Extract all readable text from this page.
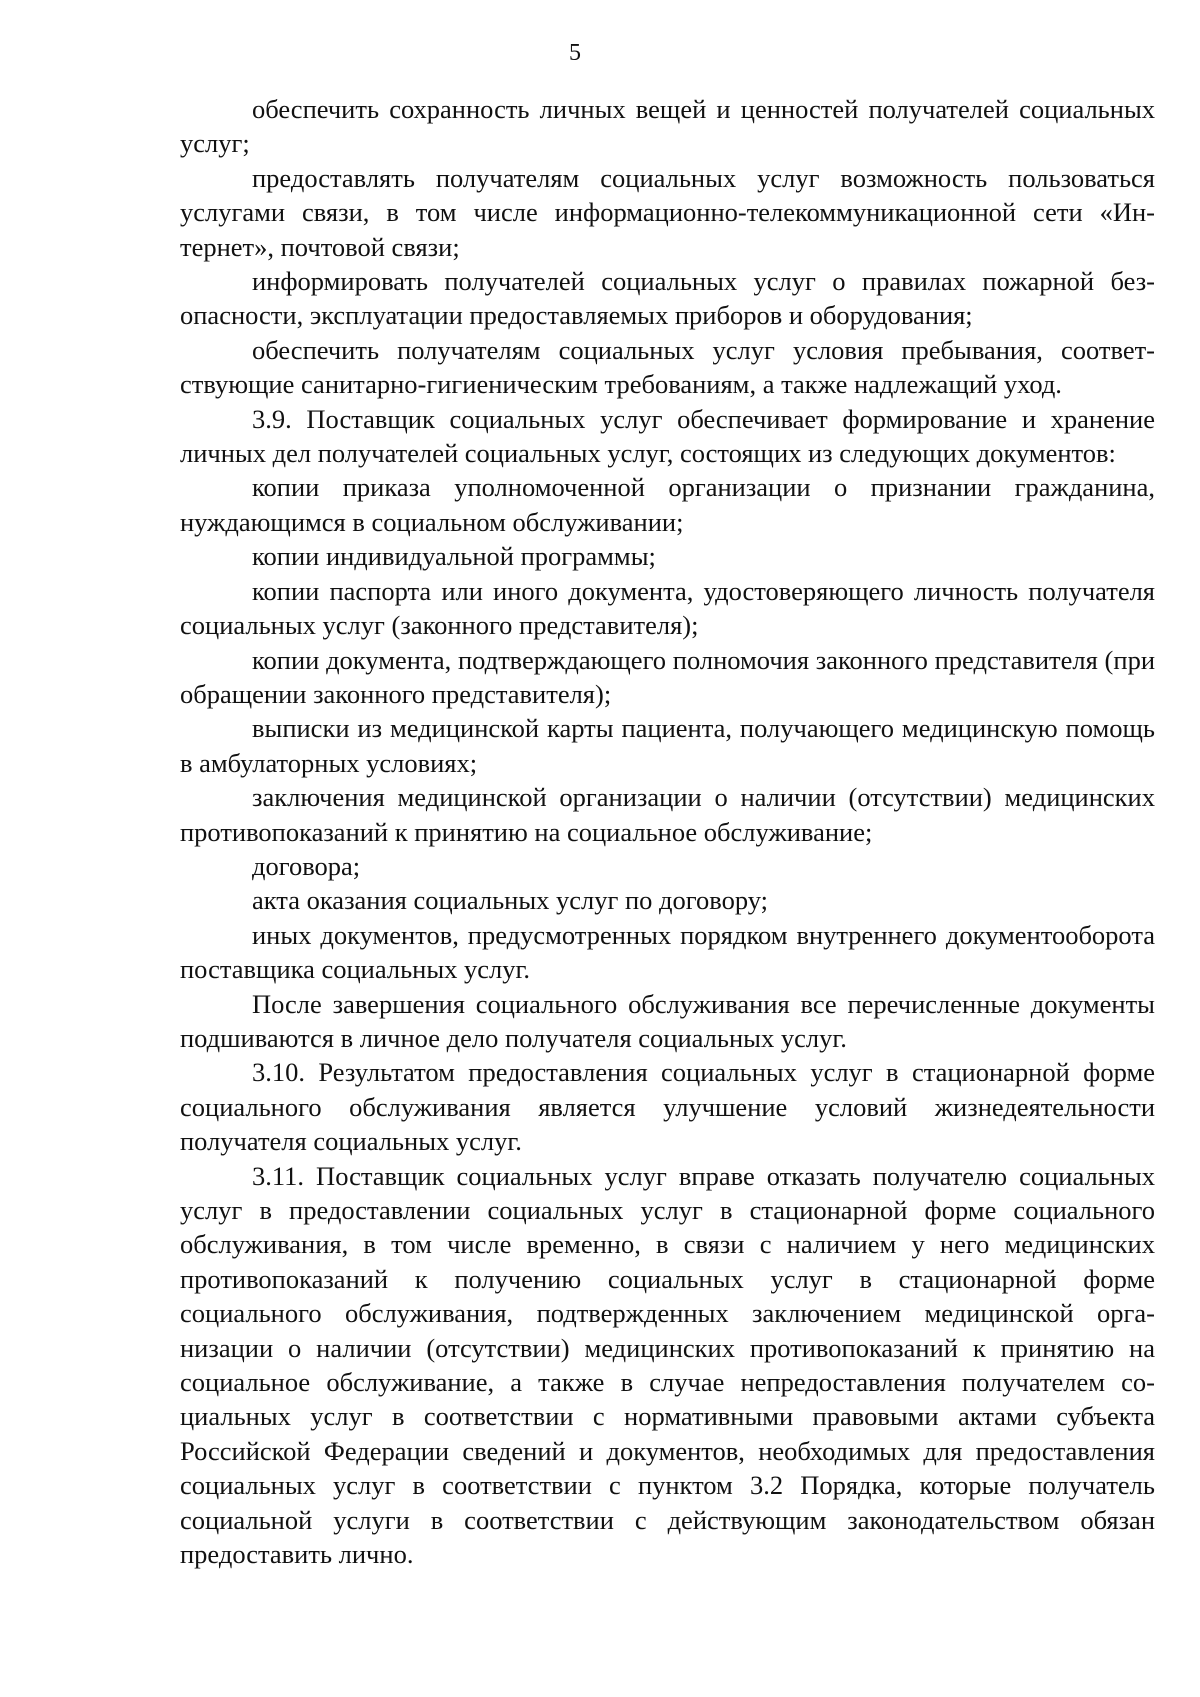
5

обеспечить сохранность личных вещей и ценностей получателей социальных услуг;

предоставлять получателям социальных услуг возможность пользоваться услугами связи, в том числе информационно-телекоммуникационной сети «Интернет», почтовой связи;

информировать получателей социальных услуг о правилах пожарной безопасности, эксплуатации предоставляемых приборов и оборудования;

обеспечить получателям социальных услуг условия пребывания, соответствующие санитарно-гигиеническим требованиям, а также надлежащий уход.

3.9. Поставщик социальных услуг обеспечивает формирование и хранение личных дел получателей социальных услуг, состоящих из следующих документов:

копии приказа уполномоченной организации о признании гражданина, нуждающимся в социальном обслуживании;

копии индивидуальной программы;

копии паспорта или иного документа, удостоверяющего личность получателя социальных услуг (законного представителя);

копии документа, подтверждающего полномочия законного представителя (при обращении законного представителя);

выписки из медицинской карты пациента, получающего медицинскую помощь в амбулаторных условиях;

заключения медицинской организации о наличии (отсутствии) медицинских противопоказаний к принятию на социальное обслуживание;

договора;

акта оказания социальных услуг по договору;

иных документов, предусмотренных порядком внутреннего документооборота поставщика социальных услуг.

После завершения социального обслуживания все перечисленные документы подшиваются в личное дело получателя социальных услуг.

3.10. Результатом предоставления социальных услуг в стационарной форме социального обслуживания является улучшение условий жизнедеятельности получателя социальных услуг.

3.11. Поставщик социальных услуг вправе отказать получателю социальных услуг в предоставлении социальных услуг в стационарной форме социального обслуживания, в том числе временно, в связи с наличием у него медицинских противопоказаний к получению социальных услуг в стационарной форме социального обслуживания, подтвержденных заключением медицинской организации о наличии (отсутствии) медицинских противопоказаний к принятию на социальное обслуживание, а также в случае непредоставления получателем социальных услуг в соответствии с нормативными правовыми актами субъекта Российской Федерации сведений и документов, необходимых для предоставления социальных услуг в соответствии с пунктом 3.2 Порядка, которые получатель социальной услуги в соответствии с действующим законодательством обязан предоставить лично.
